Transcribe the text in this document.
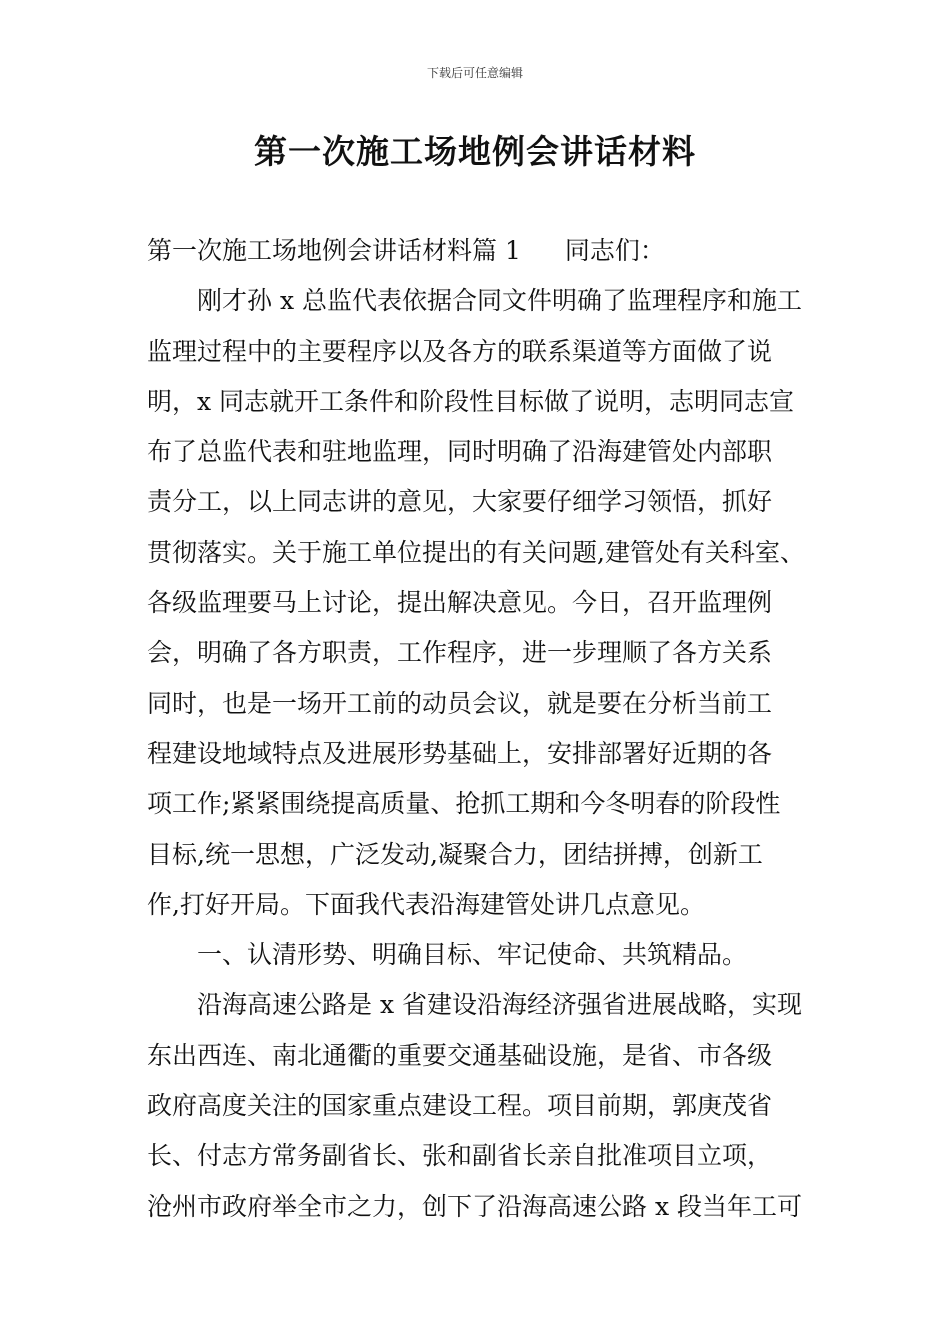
下载后可任意编辑
第一次施工场地例会讲话材料
第一次施工场地例会讲话材料篇 1 同志们：
刚才孙 x 总监代表依据合同文件明确了监理程序和施工
监理过程中的主要程序以及各方的联系渠道等方面做了说
明，x 同志就开工条件和阶段性目标做了说明，志明同志宣
布了总监代表和驻地监理，同时明确了沿海建管处内部职
责分工，以上同志讲的意见，大家要仔细学习领悟，抓好
贯彻落实。关于施工单位提出的有关问题,建管处有关科室、
各级监理要马上讨论，提出解决意见。今日，召开监理例
会，明确了各方职责，工作程序，进一步理顺了各方关系
同时，也是一场开工前的动员会议，就是要在分析当前工
程建设地域特点及进展形势基础上，安排部署好近期的各
项工作;紧紧围绕提高质量、抢抓工期和今冬明春的阶段性
目标,统一思想，广泛发动,凝聚合力，团结拼搏，创新工
作,打好开局。下面我代表沿海建管处讲几点意见。
一、认清形势、明确目标、牢记使命、共筑精品。
沿海高速公路是 x 省建设沿海经济强省进展战略，实现
东出西连、南北通衢的重要交通基础设施，是省、市各级
政府高度关注的国家重点建设工程。项目前期，郭庚茂省
长、付志方常务副省长、张和副省长亲自批准项目立项，
沧州市政府举全市之力，创下了沿海高速公路 x 段当年工可
